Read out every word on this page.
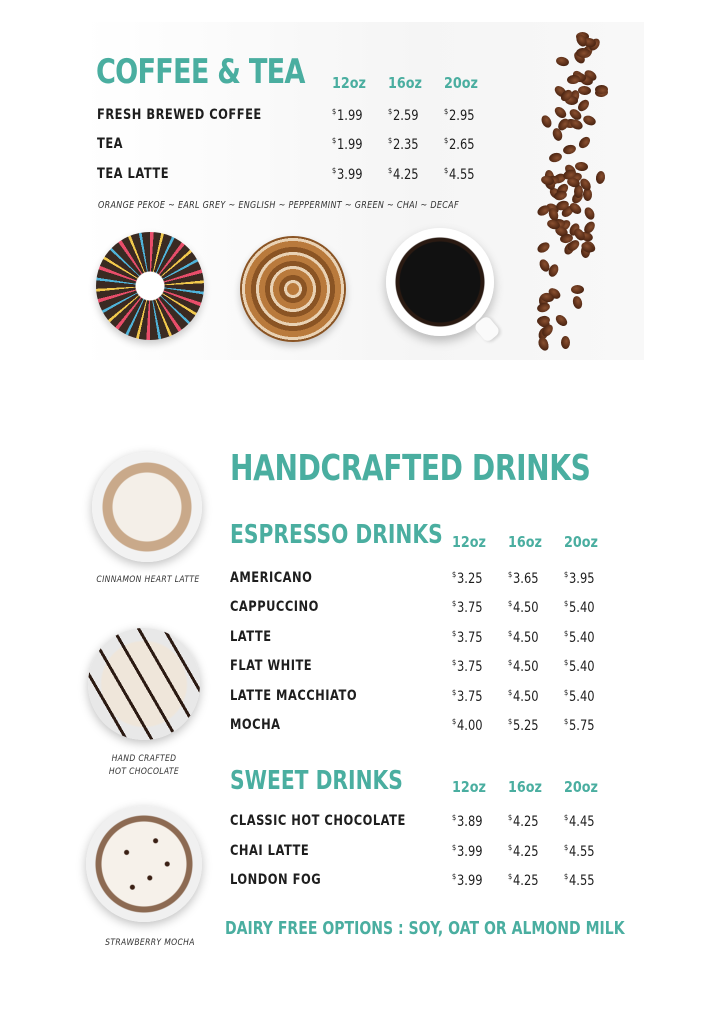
COFFEE & TEA 12oz 16oz 20oz
FRESH BREWED COFFEE	$1.99	$2.59	$2.95
TEA	$1.99	$2.35	$2.65
TEA LATTE	$3.99	$4.25	$4.55
ORANGE PEKOE ~ EARL GREY ~ ENGLISH ~ PEPPERMINT ~ GREEN ~ CHAI ~ DECAF
CINNAMON HEART LATTE
HAND CRAFTED
HOT CHOCOLATE
STRAWBERRY MOCHA
HANDCRAFTED DRINKS
ESPRESSO DRINKS 12oz 16oz 20oz
AMERICANO	$3.25	$3.65	$3.95
CAPPUCCINO	$3.75	$4.50	$5.40
LATTE	$3.75	$4.50	$5.40
FLAT WHITE	$3.75	$4.50	$5.40
LATTE MACCHIATO	$3.75	$4.50	$5.40
MOCHA	$4.00	$5.25	$5.75
SWEET DRINKS	12oz 16oz 20oz
CLASSIC HOT CHOCOLATE	$3.89	$4.25	$4.45
CHAI LATTE	$3.99	$4.25	$4.55
LONDON FOG	$3.99	$4.25	$4.55
DAIRY FREE OPTIONS : SOY, OAT OR ALMOND MILK
